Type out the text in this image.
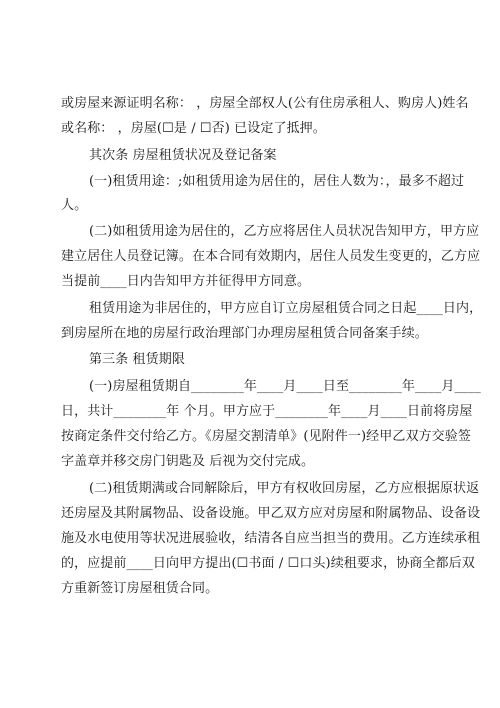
或房屋来源证明名称： ，房屋全部权人(公有住房承租人、购房人)姓名
或名称： ，房屋(☐是 / ☐否) 已设定了抵押。
其次条 房屋租赁状况及登记备案
(一)租赁用途：;如租赁用途为居住的，居住人数为：，最多不超过
人。
(二)如租赁用途为居住的，乙方应将居住人员状况告知甲方，甲方应
建立居住人员登记簿。在本合同有效期内，居住人员发生变更的，乙方应
当提前____日内告知甲方并征得甲方同意。
租赁用途为非居住的，甲方应自订立房屋租赁合同之日起____日内，
到房屋所在地的房屋行政治理部门办理房屋租赁合同备案手续。
第三条 租赁期限
(一)房屋租赁期自________年____月____日至________年____月____
日，共计________年 个月。甲方应于________年____月____日前将房屋
按商定条件交付给乙方。《房屋交割清单》(见附件一)经甲乙双方交验签
字盖章并移交房门钥匙及 后视为交付完成。
(二)租赁期满或合同解除后，甲方有权收回房屋，乙方应根据原状返
还房屋及其附属物品、设备设施。甲乙双方应对房屋和附属物品、设备设
施及水电使用等状况进展验收，结清各自应当担当的费用。乙方连续承租
的，应提前____日向甲方提出(☐书面 / ☐口头)续租要求，协商全都后双
方重新签订房屋租赁合同。
